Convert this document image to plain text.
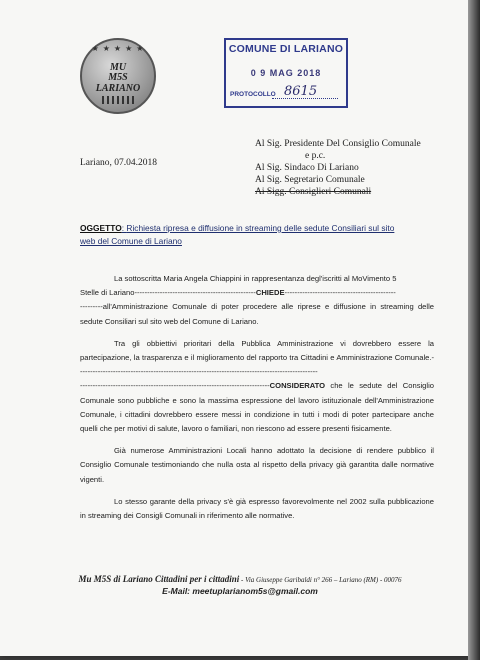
★ ★ ★ ★ ★
MU
M5S
LARIANO
COMUNE DI LARIANO
0 9 MAG 2018
PROTOCOLLO 8615
Al Sig. Presidente Del Consiglio Comunale
e p.c.
Al Sig. Sindaco Di Lariano
Al Sig. Segretario Comunale
Ai Sigg. Consiglieri Comunali
Lariano, 07.04.2018
OGGETTO: Richiesta ripresa e diffusione in streaming delle sedute Consiliari sul sito web del Comune di Lariano

La sottoscritta Maria Angela Chiappini in rappresentanza degl'iscritti al MoVimento 5

Stelle di Lariano------------------------------------------------CHIEDE--------------------------------------------

---------all'Amministrazione Comunale di poter procedere alle riprese e diffusione in streaming delle sedute Consiliari sul sito web del Comune di Lariano.

Tra gli obbiettivi prioritari della Pubblica Amministrazione vi dovrebbero essere la partecipazione, la trasparenza e il miglioramento del rapporto tra Cittadini e Amministrazione Comunale.-----------------------------------------------------------------------------------------------

---------------------------------------------------------------------------CONSIDERATO che le sedute del Consiglio Comunale sono pubbliche e sono la massima espressione del lavoro istituzionale dell'Amministrazione Comunale, i cittadini dovrebbero essere messi in condizione in tutti i modi di poter partecipare anche quelli che per motivi di salute, lavoro o familiari, non riescono ad essere presenti fisicamente.

Già numerose Amministrazioni Locali hanno adottato la decisione di rendere pubblico il Consiglio Comunale testimoniando che nulla osta al rispetto della privacy già garantita dalle normative vigenti.

Lo stesso garante della privacy s'è già espresso favorevolmente nel 2002 sulla pubblicazione in streaming dei Consigli Comunali in riferimento alle normative.

Mu M5S di Lariano Cittadini per i cittadini - Via Giuseppe Garibaldi n° 266 – Lariano (RM) - 00076
E-Mail: meetuplarianom5s@gmail.com
